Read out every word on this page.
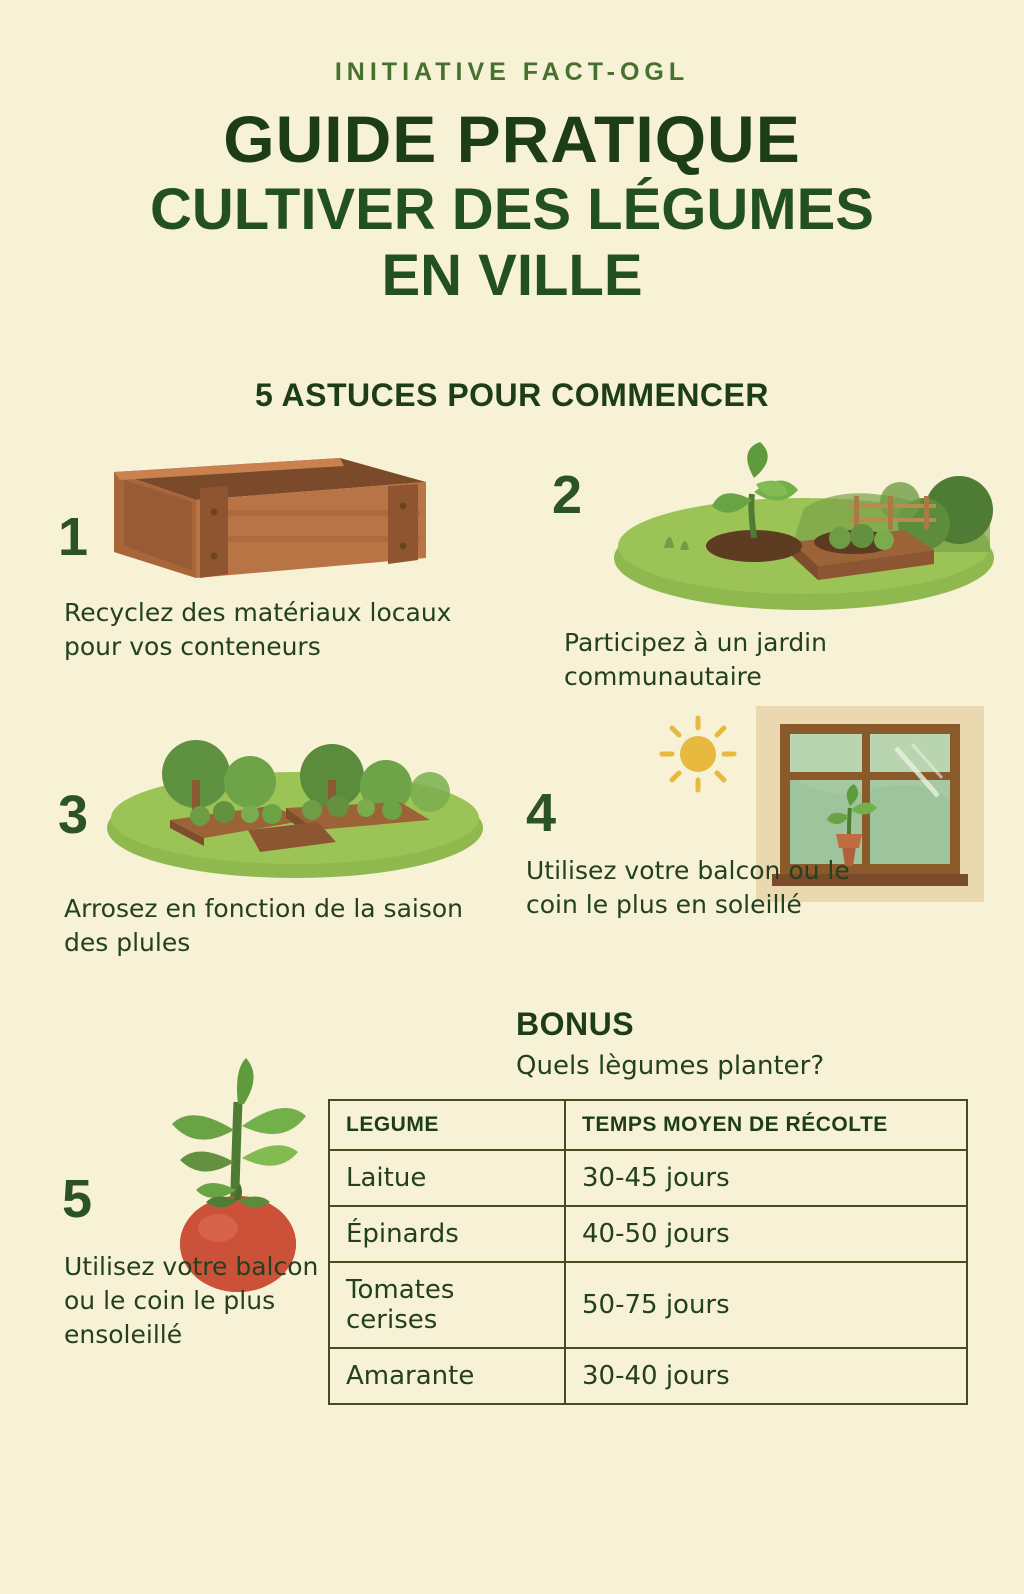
INITIATIVE FACT-OGL
GUIDE PRATIQUE
CULTIVER DES LÉGUMES
EN VILLE
5 ASTUCES POUR COMMENCER
1
Recyclez des matériaux locaux pour vos conteneurs
2
Participez à un jardin communautaire
3
Arrosez en fonction de la saison des plules
4
Utilisez votre balcon ou le coin le plus en soleillé
5
Utilisez votre balcon ou le coin le plus ensoleillé
BONUS
Quels lègumes planter?
LEGUME	TEMPS MOYEN DE RÉCOLTE
Laitue	30-45 jours
Épinards	40-50 jours
Tomates cerises	50-75 jours
Amarante	30-40 jours
